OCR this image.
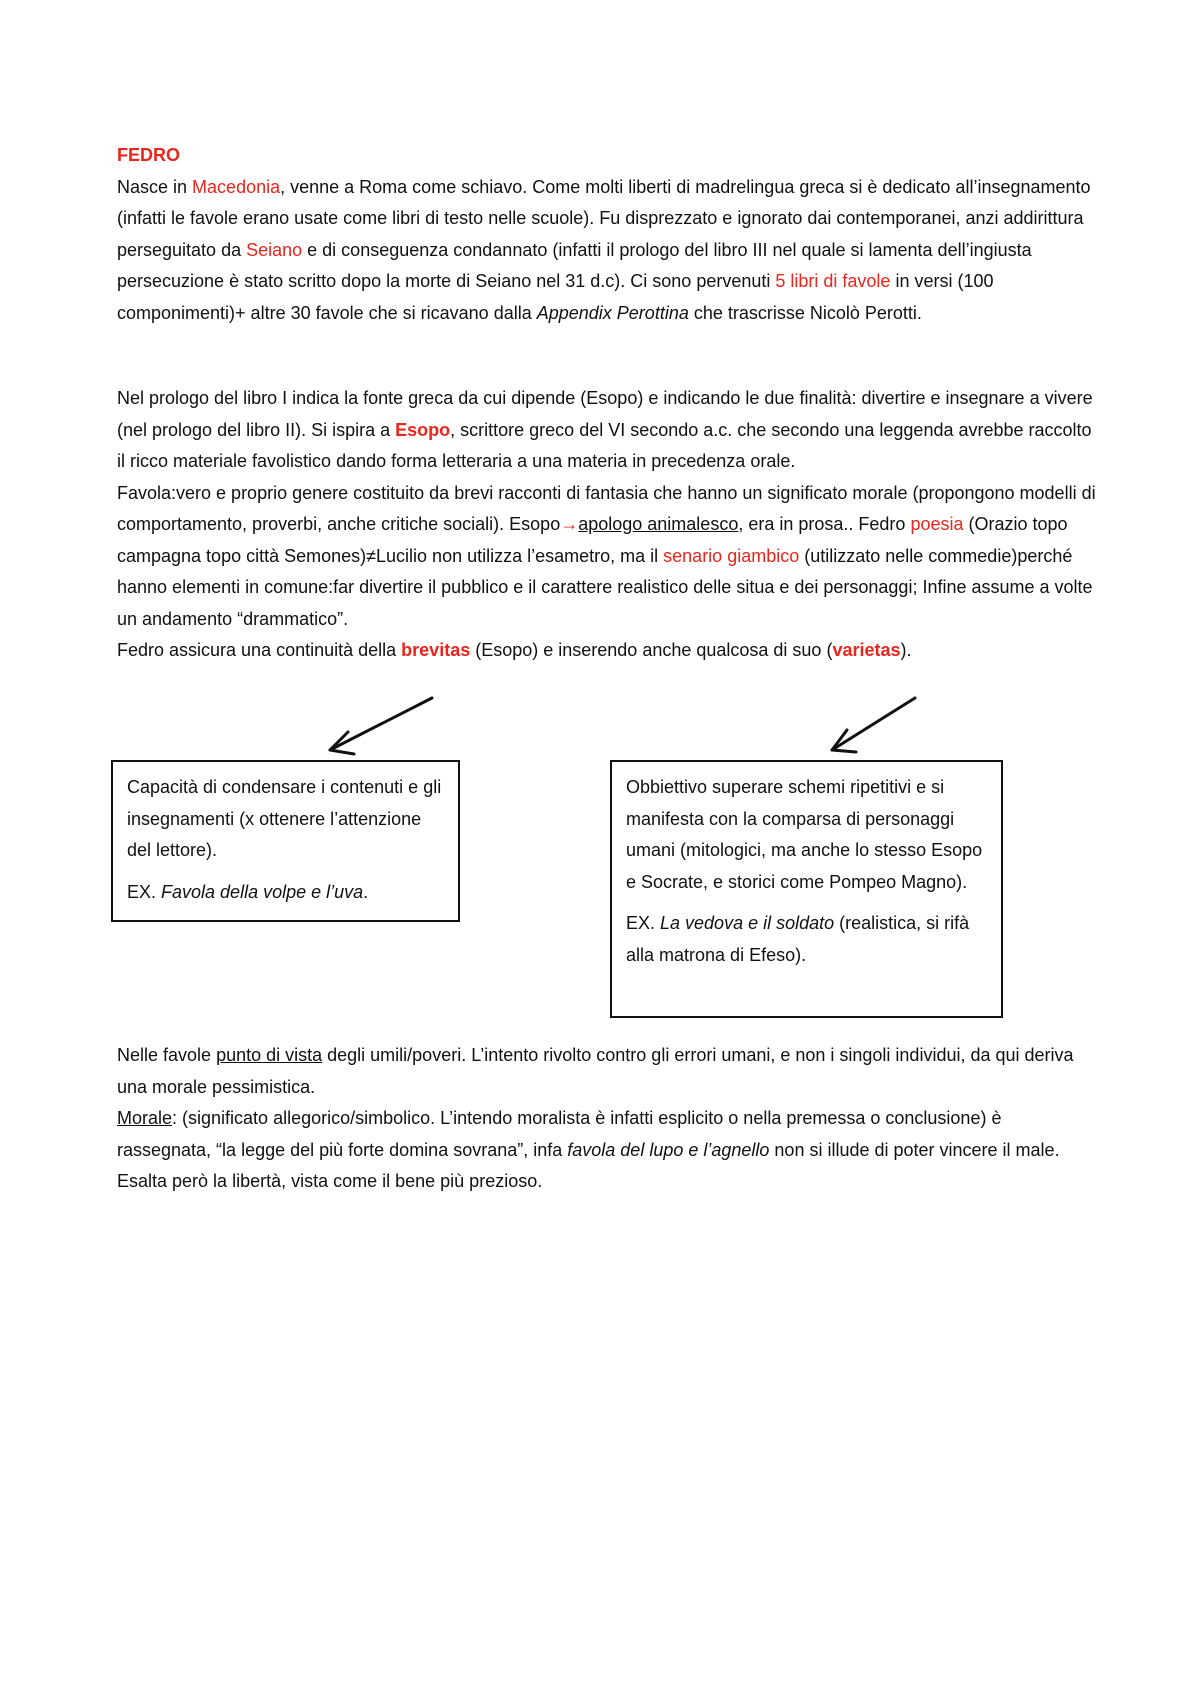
FEDRO

Nasce in Macedonia, venne a Roma come schiavo. Come molti liberti di madrelingua greca si è dedicato all’insegnamento (infatti le favole erano usate come libri di testo nelle scuole). Fu disprezzato e ignorato dai contemporanei, anzi addirittura perseguitato da Seiano e di conseguenza condannato (infatti il prologo del libro III nel quale si lamenta dell’ingiusta persecuzione è stato scritto dopo la morte di Seiano nel 31 d.c). Ci sono pervenuti 5 libri di favole in versi (100 componimenti)+ altre 30 favole che si ricavano dalla Appendix Perottina che trascrisse Nicolò Perotti.

Nel prologo del libro I indica la fonte greca da cui dipende (Esopo) e indicando le due finalità: divertire e insegnare a vivere (nel prologo del libro II). Si ispira a Esopo, scrittore greco del VI secondo a.c. che secondo una leggenda avrebbe raccolto il ricco materiale favolistico dando forma letteraria a una materia in precedenza orale.

Favola:vero e proprio genere costituito da brevi racconti di fantasia che hanno un significato morale (propongono modelli di comportamento, proverbi, anche critiche sociali). Esopo→apologo animalesco, era in prosa.. Fedro poesia (Orazio topo campagna topo città Semones)≠Lucilio non utilizza l’esametro, ma il senario giambico (utilizzato nelle commedie)perché hanno elementi in comune:far divertire il pubblico e il carattere realistico delle situa e dei personaggi; Infine assume a volte un andamento “drammatico”.

Fedro assicura una continuità della brevitas (Esopo) e inserendo anche qualcosa di suo (varietas).

Capacità di condensare i contenuti e gli insegnamenti (x ottenere l’attenzione del lettore).

EX. Favola della volpe e l’uva.

Obbiettivo superare schemi ripetitivi e si manifesta con la comparsa di personaggi umani (mitologici, ma anche lo stesso Esopo e Socrate, e storici come Pompeo Magno).

EX. La vedova e il soldato (realistica, si rifà alla matrona di Efeso).

Nelle favole punto di vista degli umili/poveri. L’intento rivolto contro gli errori umani, e non i singoli individui, da qui deriva una morale pessimistica.

Morale: (significato allegorico/simbolico. L’intendo moralista è infatti esplicito o nella premessa o conclusione) è rassegnata, “la legge del più forte domina sovrana”, infa favola del lupo e l’agnello non si illude di poter vincere il male.

Esalta però la libertà, vista come il bene più prezioso.
